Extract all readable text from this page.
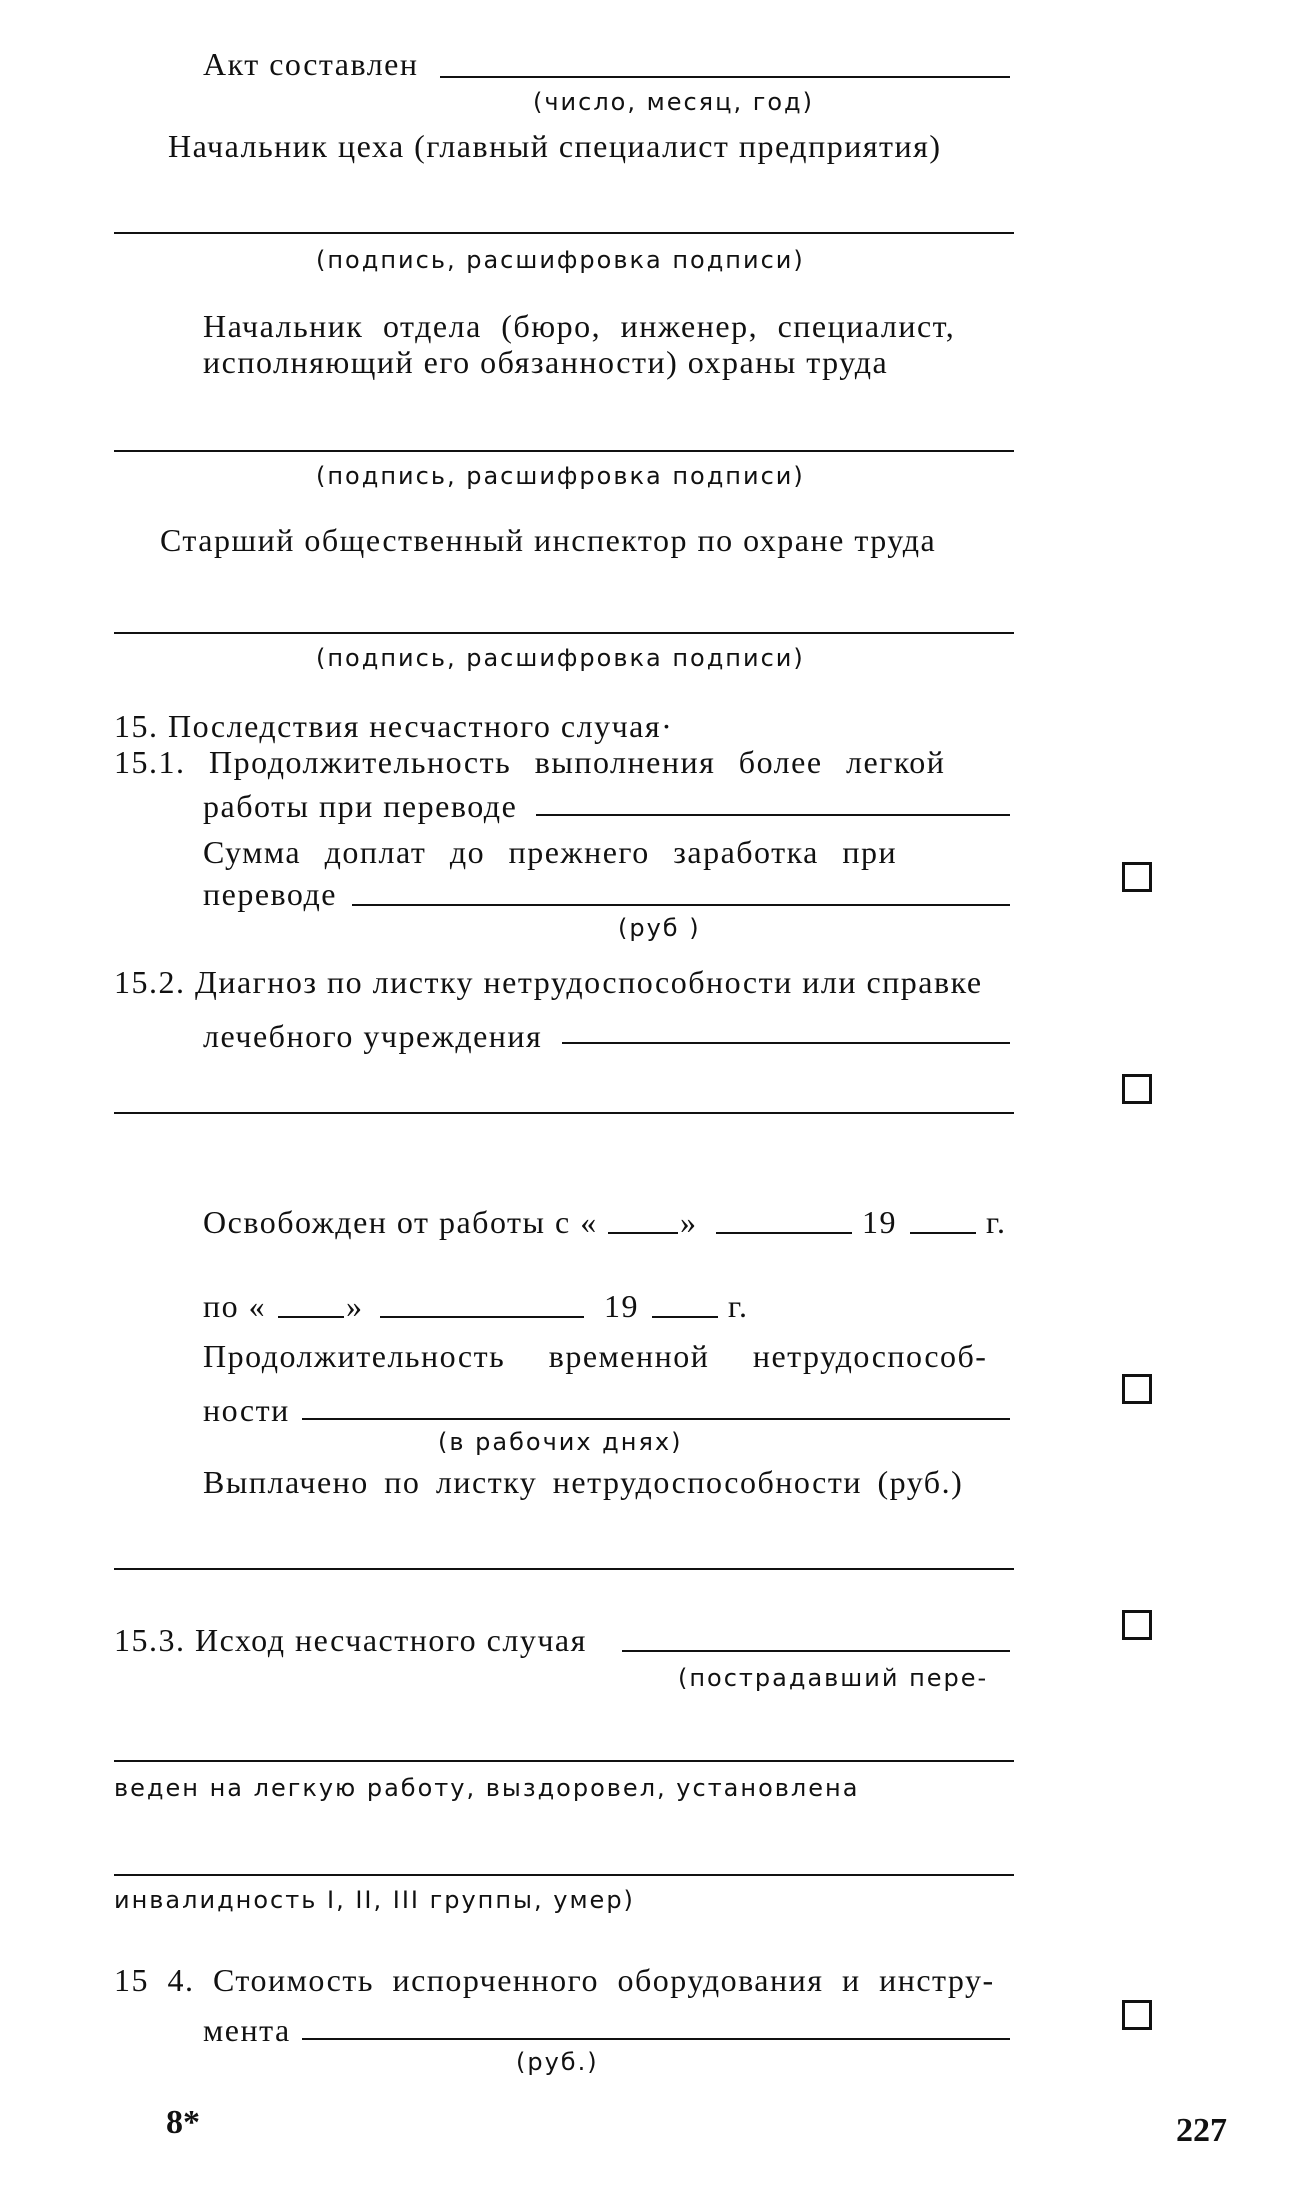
Акт составлен
(число, месяц, год)
Начальник цеха (главный специалист предприятия)
(подпись, расшифровка подписи)
Начальник отдела (бюро, инженер, специалист,
исполняющий его обязанности) охраны труда
(подпись, расшифровка подписи)
Старший общественный инспектор по охране труда
(подпись, расшифровка подписи)
15. Последствия несчастного случая·
15.1. Продолжительность выполнения более легкой
работы при переводе
Сумма доплат до прежнего заработка при
переводе
(руб )
15.2. Диагноз по листку нетрудоспособности или справке
лечебного учреждения
Освобожден от работы с «	»	19	г.
по « »	19	г.
Продолжительность временной нетрудоспособ-
ности
(в рабочих днях)
Выплачено по листку нетрудоспособности (руб.)
15.3. Исход несчастного случая
(пострадавший пере-
веден на легкую работу, выздоровел, установлена
инвалидность I, II, III группы, умер)
15 4. Стоимость испорченного оборудования и инстру-
мента
(руб.)
8*	227
